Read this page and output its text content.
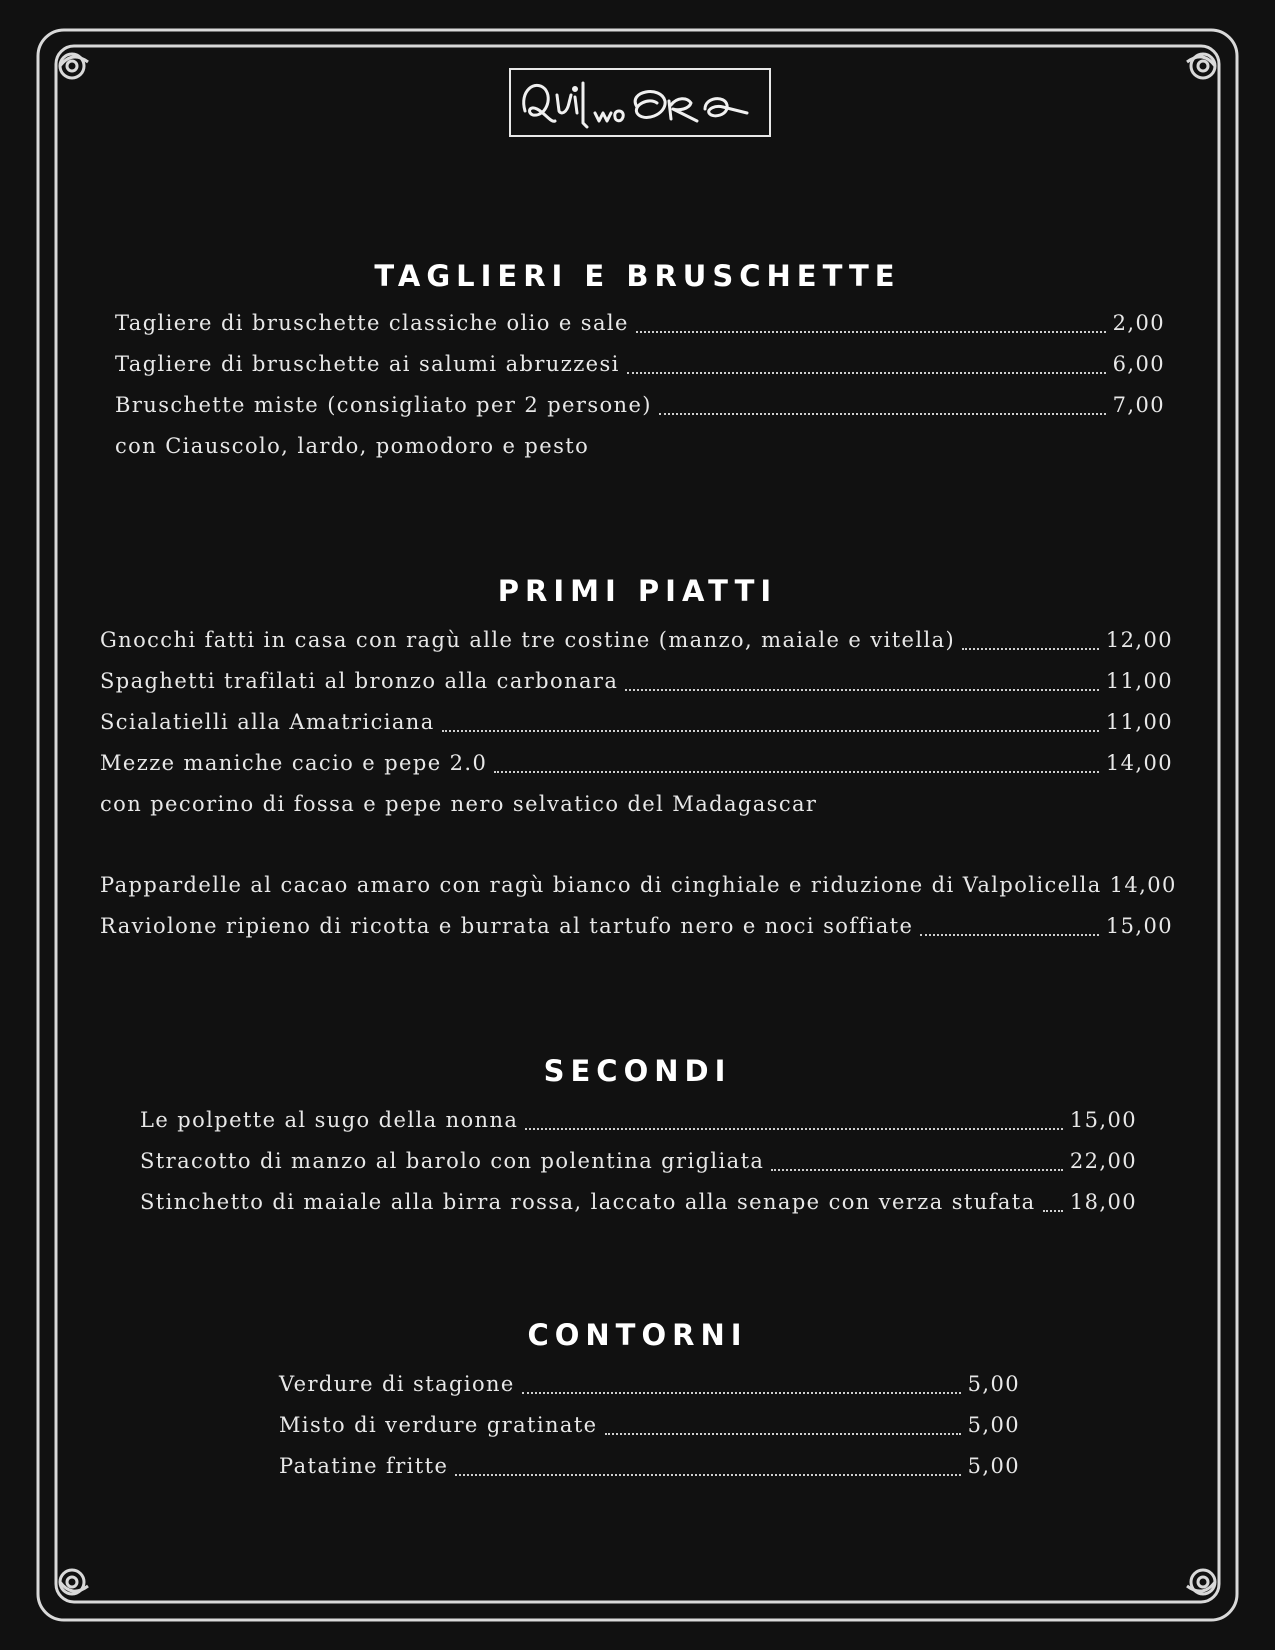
TAGLIERI E BRUSCHETTE
Tagliere di bruschette classiche olio e sale	2,00
Tagliere di bruschette ai salumi abruzzesi	6,00
Bruschette miste (consigliato per 2 persone)	7,00
con Ciauscolo, lardo, pomodoro e pesto
PRIMI PIATTI
Gnocchi fatti in casa con ragù alle tre costine (manzo, maiale e vitella)	12,00
Spaghetti trafilati al bronzo alla carbonara	11,00
Scialatielli alla Amatriciana	11,00
Mezze maniche cacio e pepe 2.0	14,00
con pecorino di fossa e pepe nero selvatico del Madagascar
Pappardelle al cacao amaro con ragù bianco di cinghiale e riduzione di Valpolicella 14,00
Raviolone ripieno di ricotta e burrata al tartufo nero e noci soffiate	15,00
SECONDI
Le polpette al sugo della nonna	15,00
Stracotto di manzo al barolo con polentina grigliata	22,00
Stinchetto di maiale alla birra rossa, laccato alla senape con verza stufata 18,00
CONTORNI
Verdure di stagione	5,00
Misto di verdure gratinate	5,00
Patatine fritte	5,00
